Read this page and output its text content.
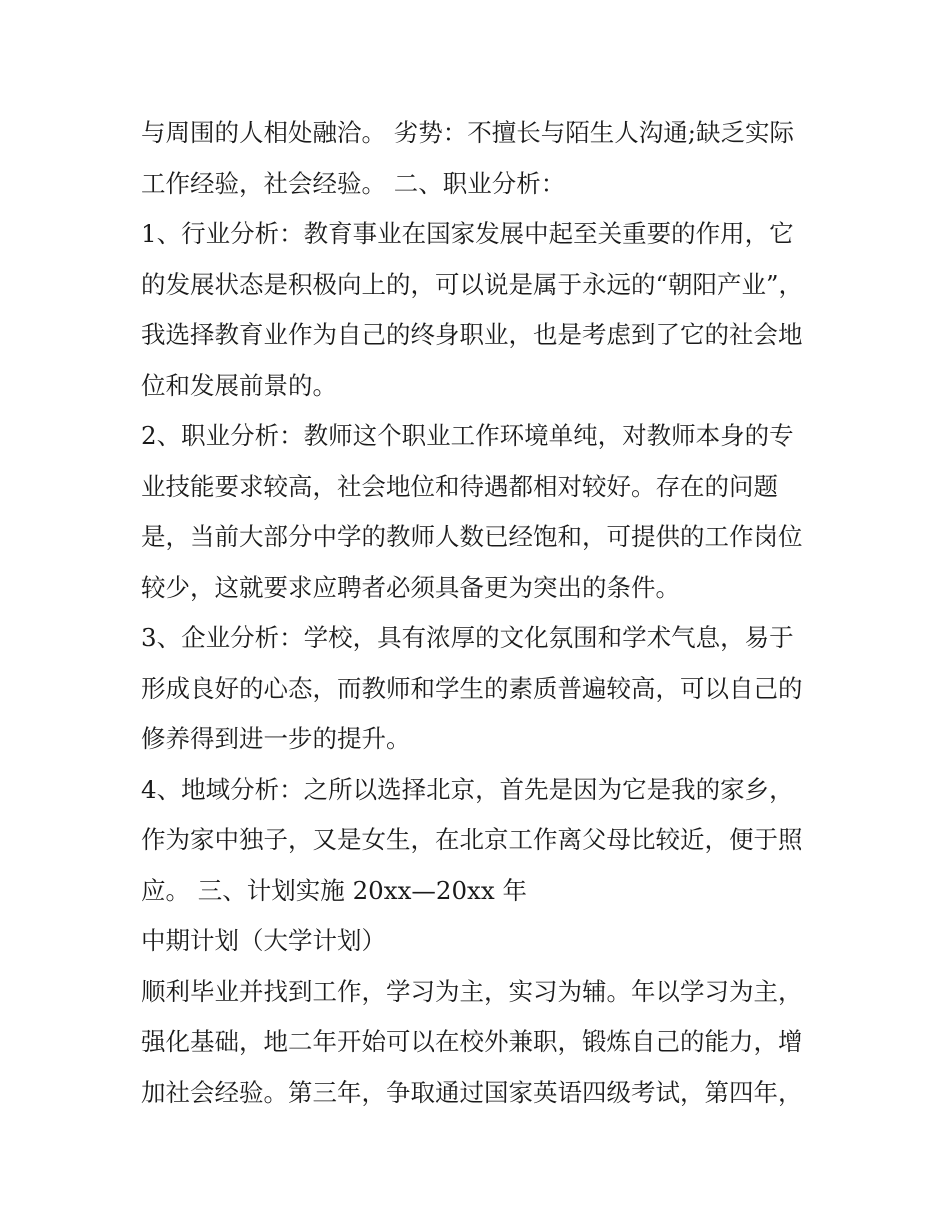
与周围的人相处融洽。 劣势：不擅长与陌生人沟通;缺乏实际
工作经验，社会经验。 二、职业分析：
1、行业分析：教育事业在国家发展中起至关重要的作用，它
的发展状态是积极向上的，可以说是属于永远的“朝阳产业”，
我选择教育业作为自己的终身职业，也是考虑到了它的社会地
位和发展前景的。
2、职业分析：教师这个职业工作环境单纯，对教师本身的专
业技能要求较高，社会地位和待遇都相对较好。存在的问题
是，当前大部分中学的教师人数已经饱和，可提供的工作岗位
较少，这就要求应聘者必须具备更为突出的条件。
3、企业分析：学校，具有浓厚的文化氛围和学术气息，易于
形成良好的心态，而教师和学生的素质普遍较高，可以自己的
修养得到进一步的提升。
4、地域分析：之所以选择北京，首先是因为它是我的家乡，
作为家中独子，又是女生，在北京工作离父母比较近，便于照
应。 三、计划实施 20xx—20xx 年
中期计划（大学计划）
顺利毕业并找到工作，学习为主，实习为辅。年以学习为主，
强化基础，地二年开始可以在校外兼职，锻炼自己的能力，增
加社会经验。第三年，争取通过国家英语四级考试，第四年，
